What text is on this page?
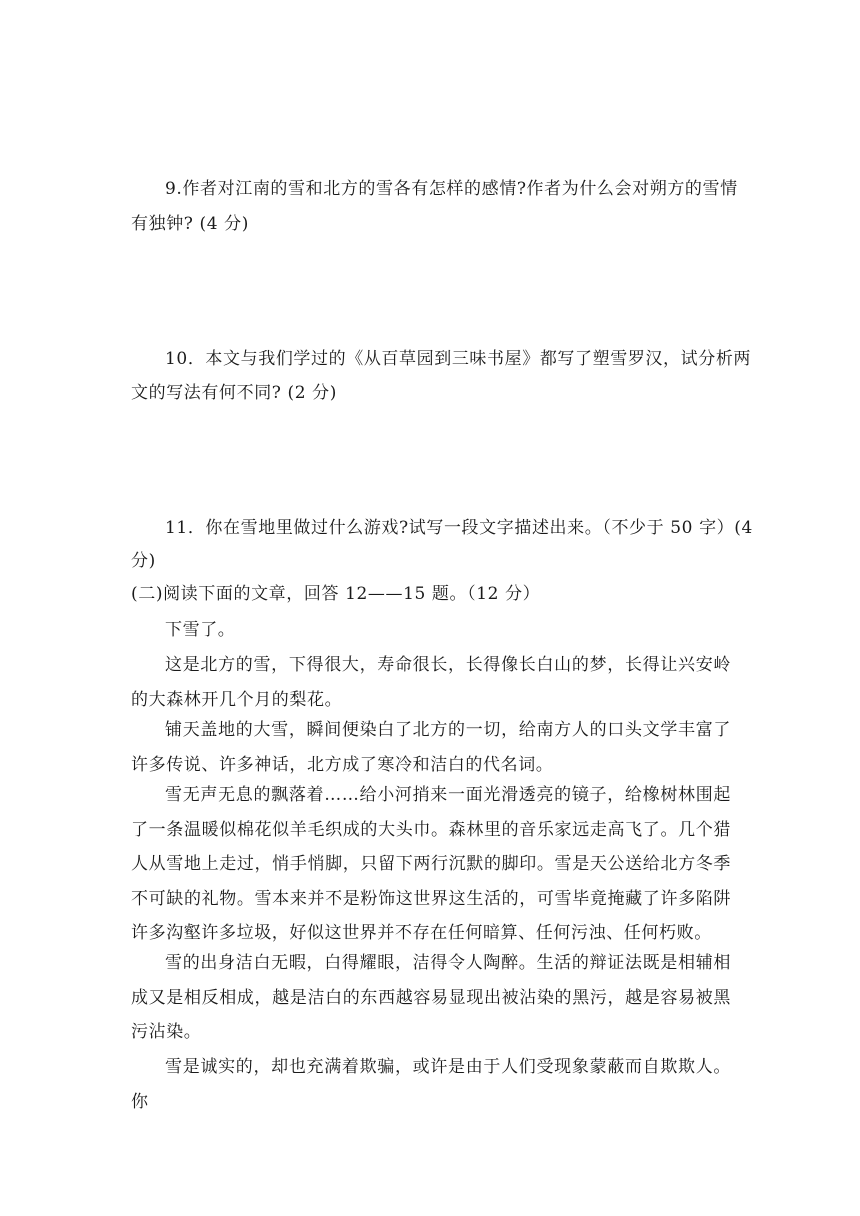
9.作者对江南的雪和北方的雪各有怎样的感情?作者为什么会对朔方的雪情
有独钟? (4 分)
10．本文与我们学过的《从百草园到三味书屋》都写了塑雪罗汉，试分析两
文的写法有何不同? (2 分)
11．你在雪地里做过什么游戏?试写一段文字描述出来。（不少于 50 字）(4
分)
(二)阅读下面的文章，回答 12——15 题。（12 分）

下雪了。

这是北方的雪，下得很大，寿命很长，长得像长白山的梦，长得让兴安岭的大森林开几个月的梨花。

铺天盖地的大雪，瞬间便染白了北方的一切，给南方人的口头文学丰富了许多传说、许多神话，北方成了寒冷和洁白的代名词。

雪无声无息的飘落着……给小河捎来一面光滑透亮的镜子，给橡树林围起了一条温暖似棉花似羊毛织成的大头巾。森林里的音乐家远走高飞了。几个猎人从雪地上走过，悄手悄脚，只留下两行沉默的脚印。雪是天公送给北方冬季不可缺的礼物。雪本来并不是粉饰这世界这生活的，可雪毕竟掩藏了许多陷阱许多沟壑许多垃圾，好似这世界并不存在任何暗算、任何污浊、任何朽败。

雪的出身洁白无暇，白得耀眼，洁得令人陶醉。生活的辩证法既是相辅相成又是相反相成，越是洁白的东西越容易显现出被沾染的黑污，越是容易被黑污沾染。

雪是诚实的，却也充满着欺骗，或许是由于人们受现象蒙蔽而自欺欺人。你
